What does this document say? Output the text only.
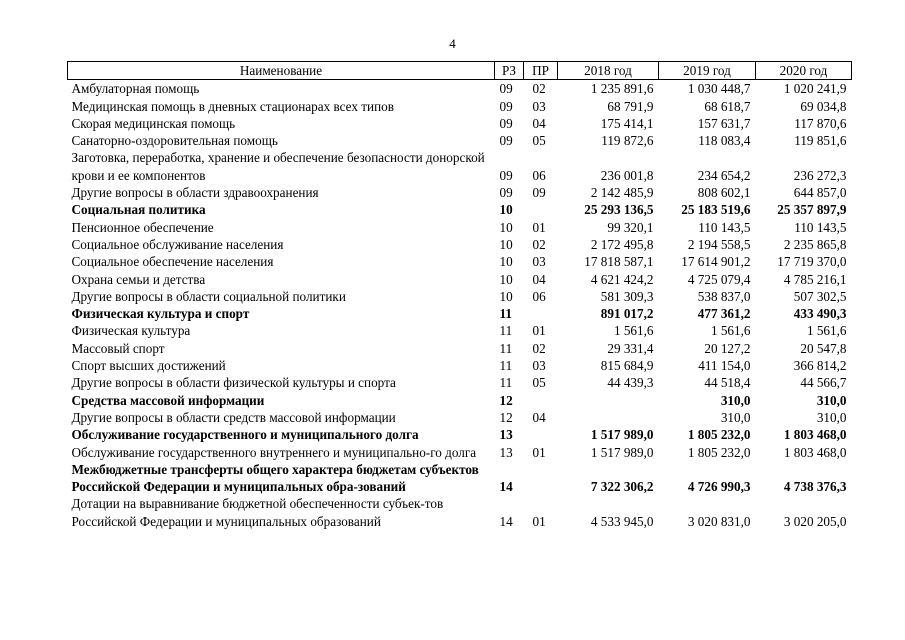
4
Наименование	РЗ	ПР	2018 год	2019 год	2020 год
Амбулаторная помощь	09	02	1 235 891,6	1 030 448,7	1 020 241,9
Медицинская помощь в дневных стационарах всех типов	09	03	68 791,9	68 618,7	69 034,8
Скорая медицинская помощь	09	04	175 414,1	157 631,7	117 870,6
Санаторно-оздоровительная помощь	09	05	119 872,6	118 083,4	119 851,6
Заготовка, переработка, хранение и обеспечение безопасности донорской крови и ее компонентов	09	06	236 001,8	234 654,2	236 272,3
Другие вопросы в области здравоохранения	09	09	2 142 485,9	808 602,1	644 857,0
Социальная политика	10		25 293 136,5	25 183 519,6	25 357 897,9
Пенсионное обеспечение	10	01	99 320,1	110 143,5	110 143,5
Социальное обслуживание населения	10	02	2 172 495,8	2 194 558,5	2 235 865,8
Социальное обеспечение населения	10	03	17 818 587,1	17 614 901,2	17 719 370,0
Охрана семьи и детства	10	04	4 621 424,2	4 725 079,4	4 785 216,1
Другие вопросы в области социальной политики	10	06	581 309,3	538 837,0	507 302,5
Физическая культура и спорт	11		891 017,2	477 361,2	433 490,3
Физическая культура	11	01	1 561,6	1 561,6	1 561,6
Массовый спорт	11	02	29 331,4	20 127,2	20 547,8
Спорт высших достижений	11	03	815 684,9	411 154,0	366 814,2
Другие вопросы в области физической культуры и спорта	11	05	44 439,3	44 518,4	44 566,7
Средства массовой информации	12			310,0	310,0
Другие вопросы в области средств массовой информации	12	04		310,0	310,0
Обслуживание государственного и муниципального долга	13		1 517 989,0	1 805 232,0	1 803 468,0
Обслуживание государственного внутреннего и муниципально-го долга	13	01	1 517 989,0	1 805 232,0	1 803 468,0
Межбюджетные трансферты общего характера бюджетам субъектов Российской Федерации и муниципальных обра-зований	14		7 322 306,2	4 726 990,3	4 738 376,3
Дотации на выравнивание бюджетной обеспеченности субъек-тов Российской Федерации и муниципальных образований	14	01	4 533 945,0	3 020 831,0	3 020 205,0
